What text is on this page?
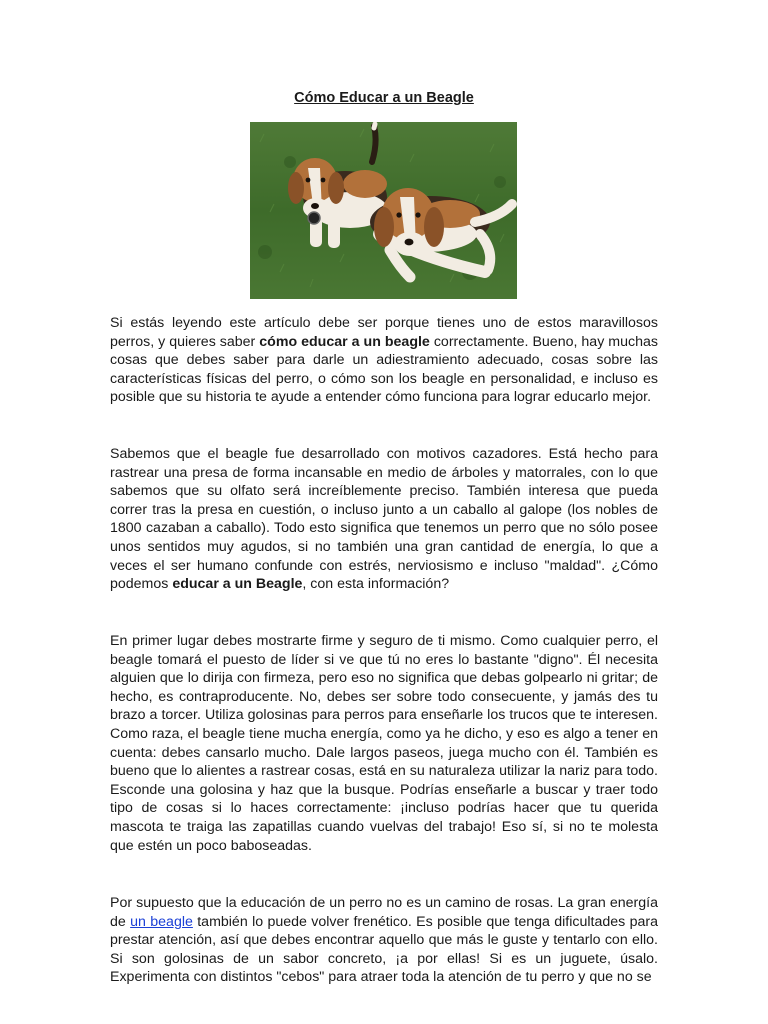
Cómo Educar a un Beagle

Si estás leyendo este artículo debe ser porque tienes uno de estos maravillosos perros, y quieres saber cómo educar a un beagle correctamente. Bueno, hay muchas cosas que debes saber para darle un adiestramiento adecuado, cosas sobre las características físicas del perro, o cómo son los beagle en personalidad, e incluso es posible que su historia te ayude a entender cómo funciona para lograr educarlo mejor.

Sabemos que el beagle fue desarrollado con motivos cazadores. Está hecho para rastrear una presa de forma incansable en medio de árboles y matorrales, con lo que sabemos que su olfato será increíblemente preciso. También interesa que pueda correr tras la presa en cuestión, o incluso junto a un caballo al galope (los nobles de 1800 cazaban a caballo). Todo esto significa que tenemos un perro que no sólo posee unos sentidos muy agudos, si no también una gran cantidad de energía, lo que a veces el ser humano confunde con estrés, nerviosismo e incluso "maldad". ¿Cómo podemos educar a un Beagle, con esta información?

En primer lugar debes mostrarte firme y seguro de ti mismo. Como cualquier perro, el beagle tomará el puesto de líder si ve que tú no eres lo bastante "digno". Él necesita alguien que lo dirija con firmeza, pero eso no significa que debas golpearlo ni gritar; de hecho, es contraproducente. No, debes ser sobre todo consecuente, y jamás des tu brazo a torcer. Utiliza golosinas para perros para enseñarle los trucos que te interesen. Como raza, el beagle tiene mucha energía, como ya he dicho, y eso es algo a tener en cuenta: debes cansarlo mucho. Dale largos paseos, juega mucho con él. También es bueno que lo alientes a rastrear cosas, está en su naturaleza utilizar la nariz para todo. Esconde una golosina y haz que la busque. Podrías enseñarle a buscar y traer todo tipo de cosas si lo haces correctamente: ¡incluso podrías hacer que tu querida mascota te traiga las zapatillas cuando vuelvas del trabajo! Eso sí, si no te molesta que estén un poco baboseadas.

Por supuesto que la educación de un perro no es un camino de rosas. La gran energía de un beagle también lo puede volver frenético. Es posible que tenga dificultades para prestar atención, así que debes encontrar aquello que más le guste y tentarlo con ello. Si son golosinas de un sabor concreto, ¡a por ellas! Si es un juguete, úsalo. Experimenta con distintos "cebos" para atraer toda la atención de tu perro y que no se
